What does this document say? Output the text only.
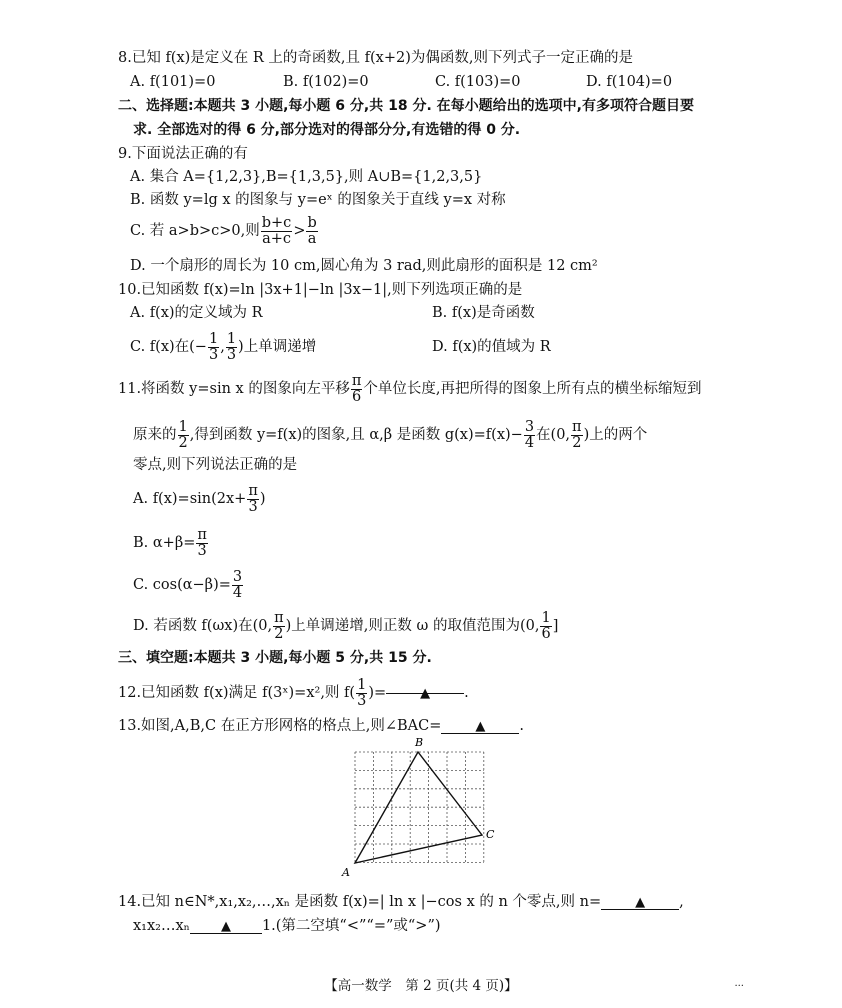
8.已知 f(x)是定义在 R 上的奇函数,且 f(x+2)为偶函数,则下列式子一定正确的是
A. f(101)=0	B. f(102)=0	C. f(103)=0	D. f(104)=0
二、选择题:本题共 3 小题,每小题 6 分,共 18 分. 在每小题给出的选项中,有多项符合题目要
求. 全部选对的得 6 分,部分选对的得部分分,有选错的得 0 分.
9.下面说法正确的有
A. 集合 A={1,2,3},B={1,3,5},则 A∪B={1,2,3,5}
B. 函数 y=lg x 的图象与 y=eˣ 的图象关于直线 y=x 对称
C. 若 a>b>c>0,则 $\frac{b+c}{a+c} > \frac{b}{a}$
D. 一个扇形的周长为 10 cm,圆心角为 3 rad,则此扇形的面积是 12 cm²
10.已知函数 f(x)=ln |3x+1|−ln |3x−1|,则下列选项正确的是
A. f(x)的定义域为 R	B. f(x)是奇函数
C. f(x)在(− $\frac{1}{3}$ , $\frac{1}{3}$ )上单调递增	D. f(x)的值域为 R
11.将函数 y=sin x 的图象向左平移 $\frac{\pi}{6}$ 个单位长度,再把所得的图象上所有点的横坐标缩短到
原来的 $\frac{1}{2}$ ,得到函数 y=f(x)的图象,且 α,β 是函数 $g(x)=f(x)- \frac{3}{4}$ 在(0, $\frac{\pi}{2}$ )上的两个
零点,则下列说法正确的是
A. $f(x)=\sin(2x+ \frac{\pi}{3}$ )
B. $\alpha+\beta= \frac{\pi}{3}$
C. $\cos(\alpha-\beta)= \frac{3}{4}$
D. 若函数 f(ωx)在(0, $\frac{\pi}{2}$ )上单调递增,则正数 ω 的取值范围为(0, $\frac{1}{6}$ ]
三、填空题:本题共 3 小题,每小题 5 分,共 15 分.
12.已知函数 f(x)满足 f(3ˣ)=x²,则 $f( \frac{1}{3}$ )=	▲ .
13.如图,A,B,C 在正方形网格的格点上,则∠BAC=	▲ .
A
B
C
14.已知 n∈N*,x₁,x₂,…,xₙ 是函数 f(x)=| ln x |−cos x 的 n 个零点,则 n=	▲ ,
x₁x₂…xₙ ▲ 1.(第二空填“<”“=”或“>”)
【高一数学　第 2 页(共 4 页)】	...
